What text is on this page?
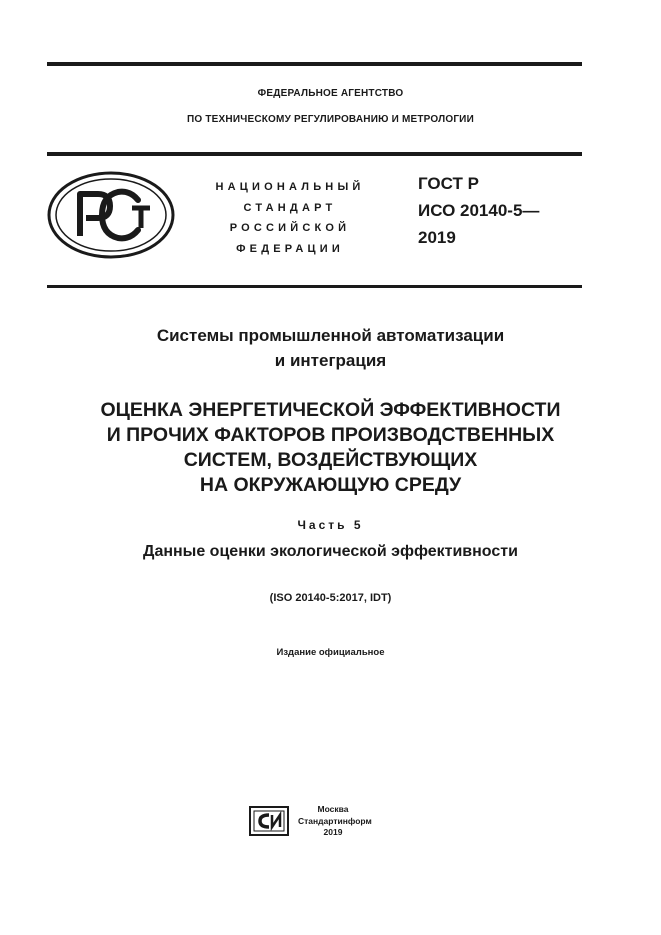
ФЕДЕРАЛЬНОЕ АГЕНТСТВО
ПО ТЕХНИЧЕСКОМУ РЕГУЛИРОВАНИЮ И МЕТРОЛОГИИ
НАЦИОНАЛЬНЫЙ
СТАНДАРТ
РОССИЙСКОЙ
ФЕДЕРАЦИИ
ГОСТ Р
ИСО 20140-5—
2019
Системы промышленной автоматизации
и интеграция
ОЦЕНКА ЭНЕРГЕТИЧЕСКОЙ ЭФФЕКТИВНОСТИ
И ПРОЧИХ ФАКТОРОВ ПРОИЗВОДСТВЕННЫХ
СИСТЕМ, ВОЗДЕЙСТВУЮЩИХ
НА ОКРУЖАЮЩУЮ СРЕДУ
Часть 5
Данные оценки экологической эффективности
(ISO 20140-5:2017, IDT)
Издание официальное
Москва
Стандартинформ
2019
